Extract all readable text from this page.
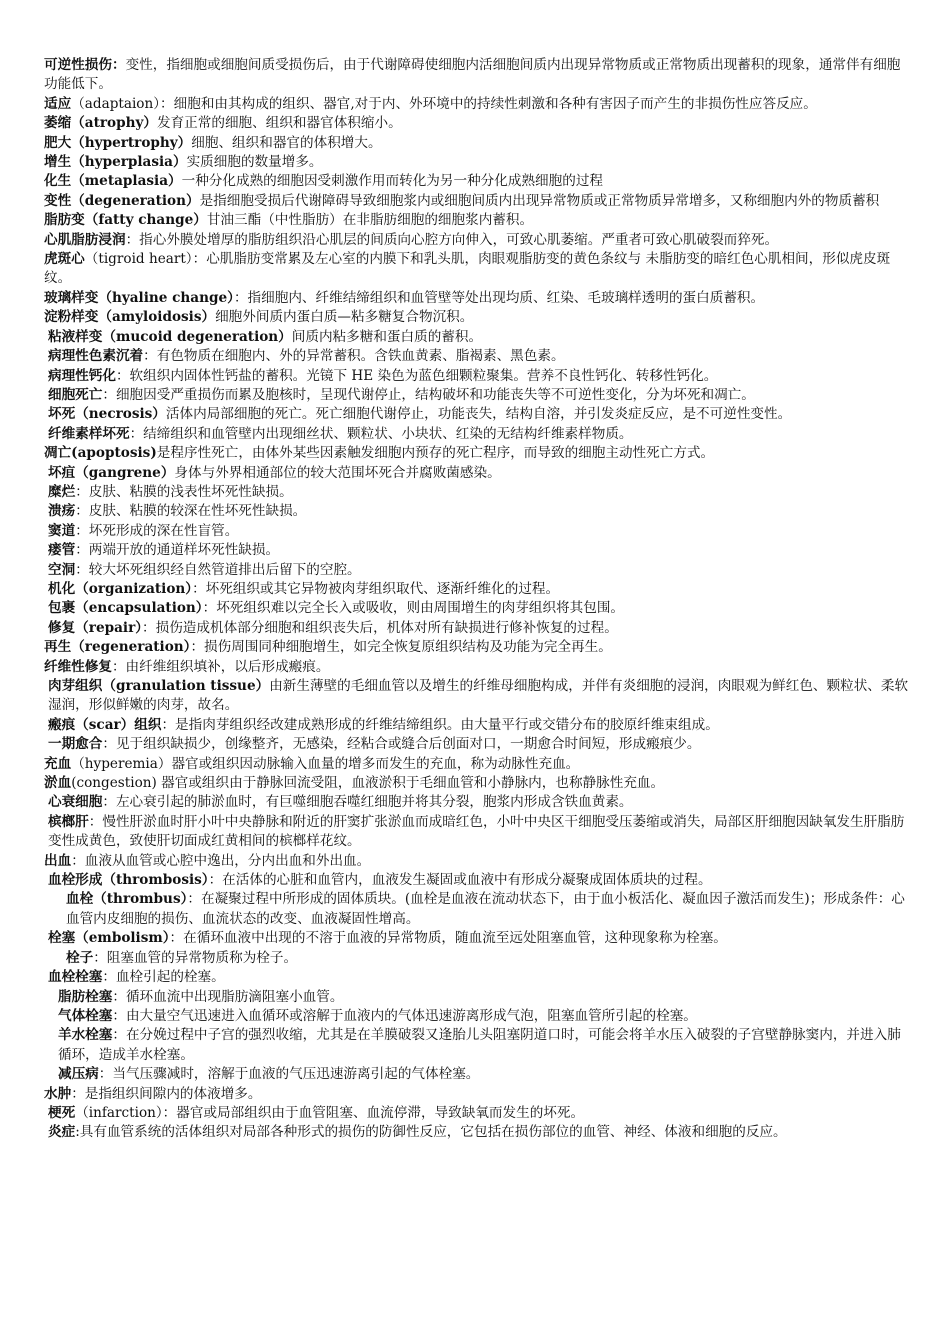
可逆性损伤：变性，指细胞或细胞间质受损伤后，由于代谢障碍使细胞内活细胞间质内出现异常物质或正常物质出现蓄积的现象，通常伴有细胞功能低下。
适应（adaptaion）：细胞和由其构成的组织、器官,对于内、外环境中的持续性刺激和各种有害因子而产生的非损伤性应答反应。
萎缩（atrophy）发育正常的细胞、组织和器官体积缩小。
肥大（hypertrophy）细胞、组织和器官的体积增大。
增生（hyperplasia）实质细胞的数量增多。
化生（metaplasia）一种分化成熟的细胞因受刺激作用而转化为另一种分化成熟细胞的过程
变性（degeneration）是指细胞受损后代谢障碍导致细胞浆内或细胞间质内出现异常物质或正常物质异常增多，又称细胞内外的物质蓄积
脂肪变（fatty change）甘油三酯（中性脂肪）在非脂肪细胞的细胞浆内蓄积。
心肌脂肪浸润：指心外膜处增厚的脂肪组织沿心肌层的间质向心腔方向伸入，可致心肌萎缩。严重者可致心肌破裂而猝死。
虎斑心（tigroid heart）：心肌脂肪变常累及左心室的内膜下和乳头肌，肉眼观脂肪变的黄色条纹与 未脂肪变的暗红色心肌相间，形似虎皮斑纹。
玻璃样变（hyaline change）：指细胞内、纤维结缔组织和血管壁等处出现均质、红染、毛玻璃样透明的蛋白质蓄积。
淀粉样变（amyloidosis）细胞外间质内蛋白质—粘多糖复合物沉积。
粘液样变（mucoid degeneration）间质内粘多糖和蛋白质的蓄积。
病理性色素沉着：有色物质在细胞内、外的异常蓄积。含铁血黄素、脂褐素、黑色素。
病理性钙化：软组织内固体性钙盐的蓄积。光镜下 HE 染色为蓝色细颗粒聚集。营养不良性钙化、转移性钙化。
细胞死亡：细胞因受严重损伤而累及胞核时，呈现代谢停止，结构破坏和功能丧失等不可逆性变化，分为坏死和凋亡。
坏死（necrosis）活体内局部细胞的死亡。死亡细胞代谢停止，功能丧失，结构自溶，并引发炎症反应，是不可逆性变性。
纤维素样坏死：结缔组织和血管壁内出现细丝状、颗粒状、小块状、红染的无结构纤维素样物质。
凋亡(apoptosis)是程序性死亡，由体外某些因素触发细胞内预存的死亡程序，而导致的细胞主动性死亡方式。
坏疽（gangrene）身体与外界相通部位的较大范围坏死合并腐败菌感染。
糜烂：皮肤、粘膜的浅表性坏死性缺损。
溃疡：皮肤、粘膜的较深在性坏死性缺损。
窦道：坏死形成的深在性盲管。
瘘管：两端开放的通道样坏死性缺损。
空洞：较大坏死组织经自然管道排出后留下的空腔。
机化（organization）：坏死组织或其它异物被肉芽组织取代、逐渐纤维化的过程。
包裹（encapsulation）：坏死组织难以完全长入或吸收，则由周围增生的肉芽组织将其包围。
修复（repair）：损伤造成机体部分细胞和组织丧失后，机体对所有缺损进行修补恢复的过程。
再生（regeneration）：损伤周围同种细胞增生，如完全恢复原组织结构及功能为完全再生。
纤维性修复：由纤维组织填补，以后形成瘢痕。
肉芽组织（granulation tissue）由新生薄壁的毛细血管以及增生的纤维母细胞构成，并伴有炎细胞的浸润，肉眼观为鲜红色、颗粒状、柔软湿润，形似鲜嫩的肉芽，故名。
瘢痕（scar）组织：是指肉芽组织经改建成熟形成的纤维结缔组织。由大量平行或交错分布的胶原纤维束组成。
一期愈合：见于组织缺损少，创缘整齐，无感染，经粘合或缝合后创面对口，一期愈合时间短，形成瘢痕少。
充血（hyperemia）器官或组织因动脉输入血量的增多而发生的充血，称为动脉性充血。
淤血(congestion) 器官或组织由于静脉回流受阻，血液淤积于毛细血管和小静脉内，也称静脉性充血。
心衰细胞：左心衰引起的肺淤血时，有巨噬细胞吞噬红细胞并将其分裂，胞浆内形成含铁血黄素。
槟榔肝：慢性肝淤血时肝小叶中央静脉和附近的肝窦扩张淤血而成暗红色，小叶中央区干细胞受压萎缩或消失，局部区肝细胞因缺氧发生肝脂肪变性成黄色，致使肝切面成红黄相间的槟榔样花纹。
出血：血液从血管或心腔中逸出，分内出血和外出血。
血栓形成（thrombosis）：在活体的心脏和血管内，血液发生凝固或血液中有形成分凝聚成固体质块的过程。
血栓（thrombus）：在凝聚过程中所形成的固体质块。(血栓是血液在流动状态下，由于血小板活化、凝血因子激活而发生)；形成条件：心血管内皮细胞的损伤、血流状态的改变、血液凝固性增高。
栓塞（embolism）：在循环血液中出现的不溶于血液的异常物质，随血流至远处阻塞血管，这种现象称为栓塞。
栓子：阻塞血管的异常物质称为栓子。
血栓栓塞：血栓引起的栓塞。
脂肪栓塞：循环血流中出现脂肪滴阻塞小血管。
气体栓塞：由大量空气迅速进入血循环或溶解于血液内的气体迅速游离形成气泡，阻塞血管所引起的栓塞。
羊水栓塞：在分娩过程中子宫的强烈收缩，尤其是在羊膜破裂又逢胎儿头阻塞阴道口时，可能会将羊水压入破裂的子宫壁静脉窦内，并进入肺循环，造成羊水栓塞。
减压病：当气压骤减时，溶解于血液的气压迅速游离引起的气体栓塞。
水肿：是指组织间隙内的体液增多。
梗死（infarction）：器官或局部组织由于血管阻塞、血流停滞，导致缺氧而发生的坏死。
炎症:具有血管系统的活体组织对局部各种形式的损伤的防御性反应，它包括在损伤部位的血管、神经、体液和细胞的反应。
